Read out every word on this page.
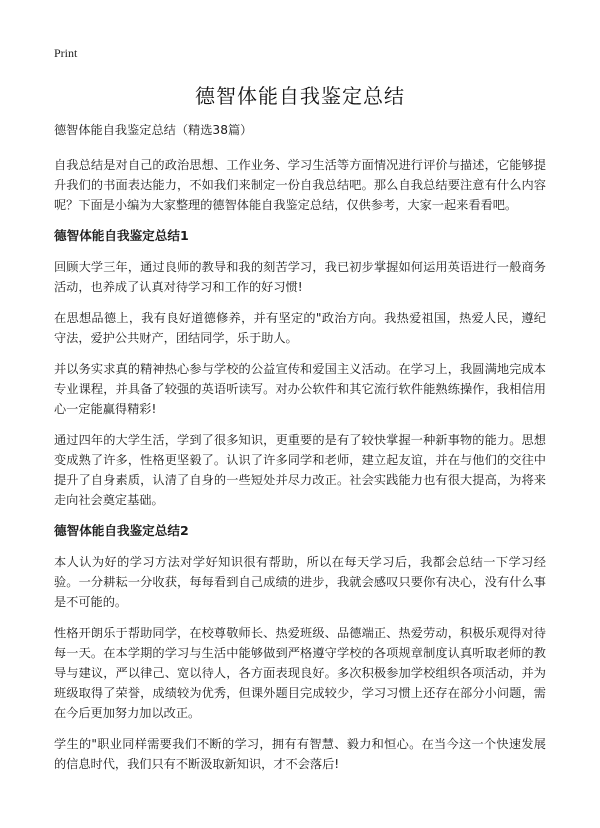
Print
德智体能自我鉴定总结

德智体能自我鉴定总结（精选38篇）

自我总结是对自己的政治思想、工作业务、学习生活等方面情况进行评价与描述，它能够提升我们的书面表达能力，不如我们来制定一份自我总结吧。那么自我总结要注意有什么内容呢？下面是小编为大家整理的德智体能自我鉴定总结，仅供参考，大家一起来看看吧。

德智体能自我鉴定总结1

回顾大学三年，通过良师的教导和我的刻苦学习，我已初步掌握如何运用英语进行一般商务活动，也养成了认真对待学习和工作的好习惯!

在思想品德上，我有良好道德修养，并有坚定的"政治方向。我热爱祖国，热爱人民，遵纪守法，爱护公共财产，团结同学，乐于助人。

并以务实求真的精神热心参与学校的公益宣传和爱国主义活动。在学习上，我圆满地完成本专业课程，并具备了较强的英语听读写。对办公软件和其它流行软件能熟练操作，我相信用心一定能赢得精彩!

通过四年的大学生活，学到了很多知识，更重要的是有了较快掌握一种新事物的能力。思想变成熟了许多，性格更坚毅了。认识了许多同学和老师，建立起友谊，并在与他们的交往中提升了自身素质，认清了自身的一些短处并尽力改正。社会实践能力也有很大提高，为将来走向社会奠定基础。

德智体能自我鉴定总结2

本人认为好的学习方法对学好知识很有帮助，所以在每天学习后，我都会总结一下学习经验。一分耕耘一分收获，每每看到自己成绩的进步，我就会感叹只要你有决心，没有什么事是不可能的。

性格开朗乐于帮助同学，在校尊敬师长、热爱班级、品德端正、热爱劳动，积极乐观得对待每一天。在本学期的学习与生活中能够做到严格遵守学校的各项规章制度认真听取老师的教导与建议，严以律己、宽以待人，各方面表现良好。多次积极参加学校组织各项活动，并为班级取得了荣誉，成绩较为优秀，但课外题目完成较少，学习习惯上还存在部分小问题，需在今后更加努力加以改正。

学生的"职业同样需要我们不断的学习，拥有有智慧、毅力和恒心。在当今这一个快速发展的信息时代，我们只有不断汲取新知识，才不会落后!
